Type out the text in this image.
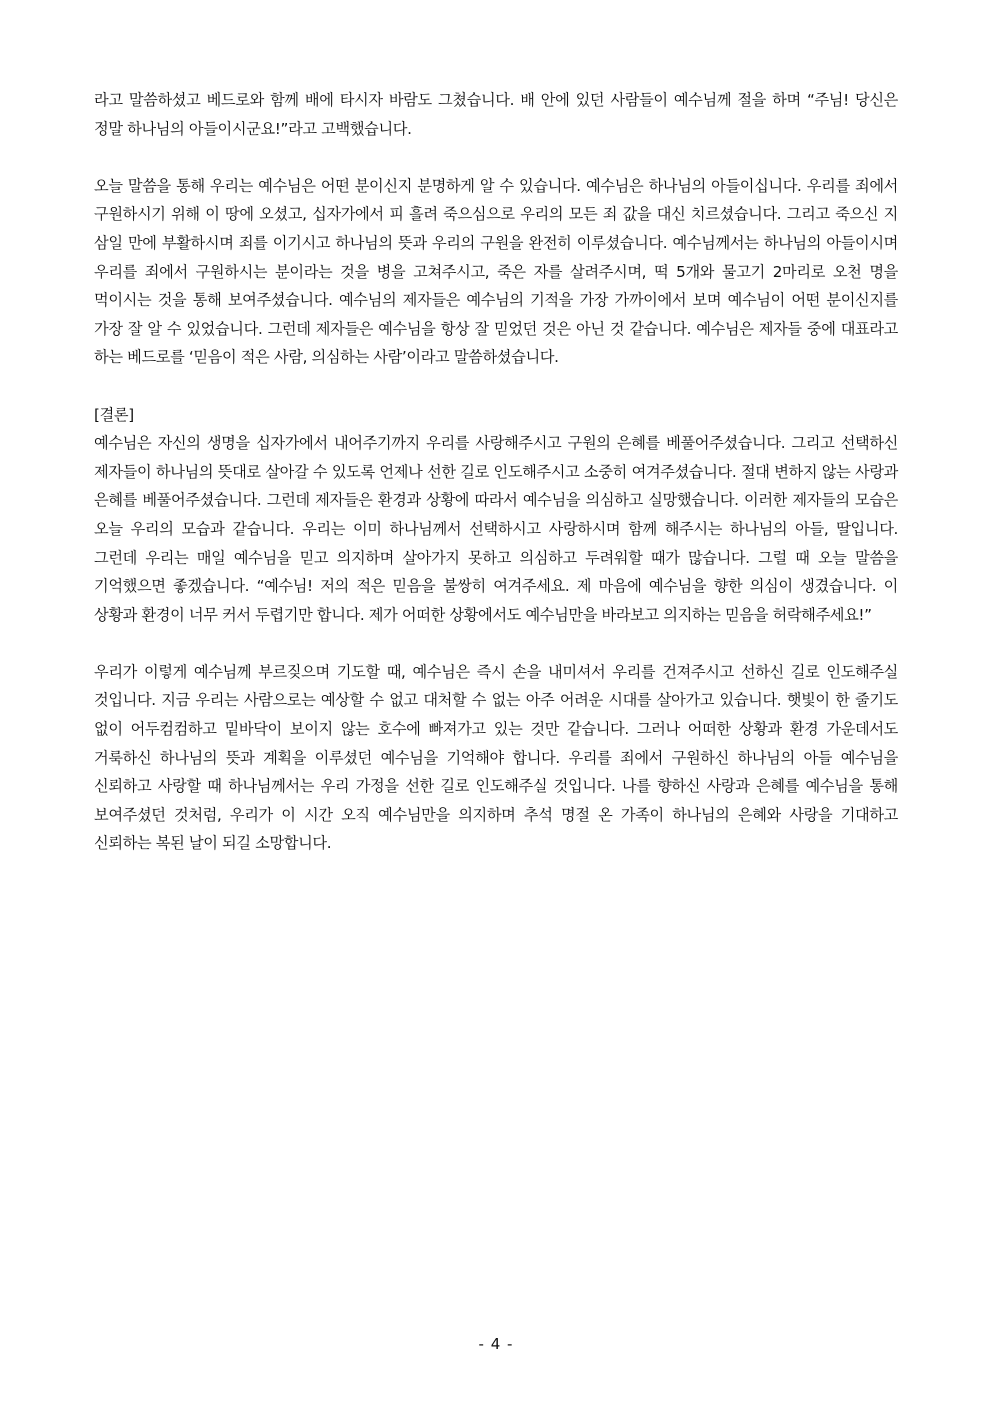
라고 말씀하셨고 베드로와 함께 배에 타시자 바람도 그쳤습니다. 배 안에 있던 사람들이 예수님께 절을 하며 “주님! 당신은 정말 하나님의 아들이시군요!”라고 고백했습니다.

오늘 말씀을 통해 우리는 예수님은 어떤 분이신지 분명하게 알 수 있습니다. 예수님은 하나님의 아들이십니다. 우리를 죄에서 구원하시기 위해 이 땅에 오셨고, 십자가에서 피 흘려 죽으심으로 우리의 모든 죄 값을 대신 치르셨습니다. 그리고 죽으신 지 삼일 만에 부활하시며 죄를 이기시고 하나님의 뜻과 우리의 구원을 완전히 이루셨습니다. 예수님께서는 하나님의 아들이시며 우리를 죄에서 구원하시는 분이라는 것을 병을 고쳐주시고, 죽은 자를 살려주시며, 떡 5개와 물고기 2마리로 오천 명을 먹이시는 것을 통해 보여주셨습니다. 예수님의 제자들은 예수님의 기적을 가장 가까이에서 보며 예수님이 어떤 분이신지를 가장 잘 알 수 있었습니다. 그런데 제자들은 예수님을 항상 잘 믿었던 것은 아닌 것 같습니다. 예수님은 제자들 중에 대표라고 하는 베드로를 ‘믿음이 적은 사람, 의심하는 사람’이라고 말씀하셨습니다.

[결론]

예수님은 자신의 생명을 십자가에서 내어주기까지 우리를 사랑해주시고 구원의 은혜를 베풀어주셨습니다. 그리고 선택하신 제자들이 하나님의 뜻대로 살아갈 수 있도록 언제나 선한 길로 인도해주시고 소중히 여겨주셨습니다. 절대 변하지 않는 사랑과 은혜를 베풀어주셨습니다. 그런데 제자들은 환경과 상황에 따라서 예수님을 의심하고 실망했습니다. 이러한 제자들의 모습은 오늘 우리의 모습과 같습니다. 우리는 이미 하나님께서 선택하시고 사랑하시며 함께 해주시는 하나님의 아들, 딸입니다. 그런데 우리는 매일 예수님을 믿고 의지하며 살아가지 못하고 의심하고 두려워할 때가 많습니다. 그럴 때 오늘 말씀을 기억했으면 좋겠습니다. “예수님! 저의 적은 믿음을 불쌍히 여겨주세요. 제 마음에 예수님을 향한 의심이 생겼습니다. 이 상황과 환경이 너무 커서 두렵기만 합니다. 제가 어떠한 상황에서도 예수님만을 바라보고 의지하는 믿음을 허락해주세요!”

우리가 이렇게 예수님께 부르짖으며 기도할 때, 예수님은 즉시 손을 내미셔서 우리를 건져주시고 선하신 길로 인도해주실 것입니다. 지금 우리는 사람으로는 예상할 수 없고 대처할 수 없는 아주 어려운 시대를 살아가고 있습니다. 햇빛이 한 줄기도 없이 어두컴컴하고 밑바닥이 보이지 않는 호수에 빠져가고 있는 것만 같습니다. 그러나 어떠한 상황과 환경 가운데서도 거룩하신 하나님의 뜻과 계획을 이루셨던 예수님을 기억해야 합니다. 우리를 죄에서 구원하신 하나님의 아들 예수님을 신뢰하고 사랑할 때 하나님께서는 우리 가정을 선한 길로 인도해주실 것입니다. 나를 향하신 사랑과 은혜를 예수님을 통해 보여주셨던 것처럼, 우리가 이 시간 오직 예수님만을 의지하며 추석 명절 온 가족이 하나님의 은혜와 사랑을 기대하고 신뢰하는 복된 날이 되길 소망합니다.

- 4 -
